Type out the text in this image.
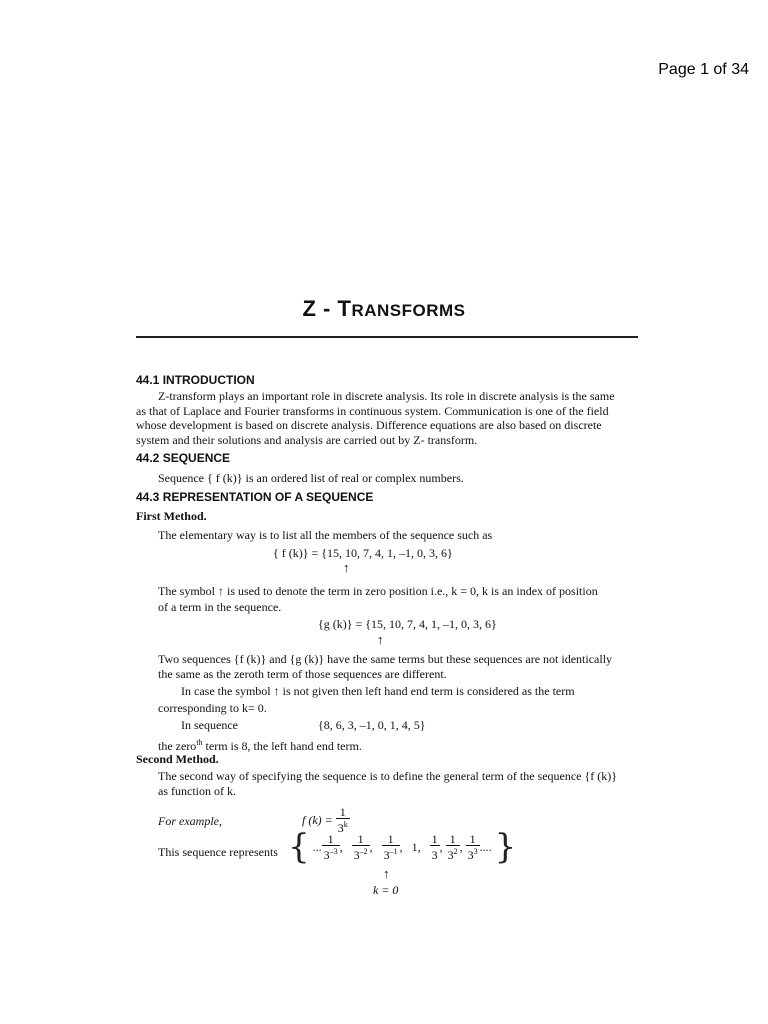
Page 1 of 34
Z - TRANSFORMS
44.1 INTRODUCTION
Z-transform plays an important role in discrete analysis. Its role in discrete analysis is the same
as that of Laplace and Fourier transforms in continuous system. Communication is one of the field
whose development is based on discrete analysis. Difference equations are also based on discrete
system and their solutions and analysis are carried out by Z- transform.
44.2 SEQUENCE
Sequence { f (k)} is an ordered list of real or complex numbers.
44.3 REPRESENTATION OF A SEQUENCE
First Method.
The elementary way is to list all the members of the sequence such as
{ f (k)} = {15, 10, 7, 4, 1, –1, 0, 3, 6}
↑
The symbol ↑ is used to denote the term in zero position i.e., k = 0, k is an index of position
of a term in the sequence.
{g (k)} = {15, 10, 7, 4, 1, –1, 0, 3, 6}
↑
Two sequences {f (k)} and {g (k)} have the same terms but these sequences are not identically
the same as the zeroth term of those sequences are different.
In case the symbol ↑ is not given then left hand end term is considered as the term
corresponding to k= 0.
In sequence	{8, 6, 3, –1, 0, 1, 4, 5}
the zero$^{th}$ term is 8, the left hand end term.
Second Method.
The second way of specifying the sequence is to define the general term of the sequence {f (k)}
as function of k.
For example,	f $(k) = \frac{1}{3^k}$
This sequence represents { ... $\frac{1}{3^{-3}}$ , $\frac{1}{3^{-2}}$ , $\frac{1}{3^{-1}}$ , 1, $\frac{1}{3}$ , $\frac{1}{3^2}$ , $\frac{1}{3^3}$ .... }
↑
k = 0
